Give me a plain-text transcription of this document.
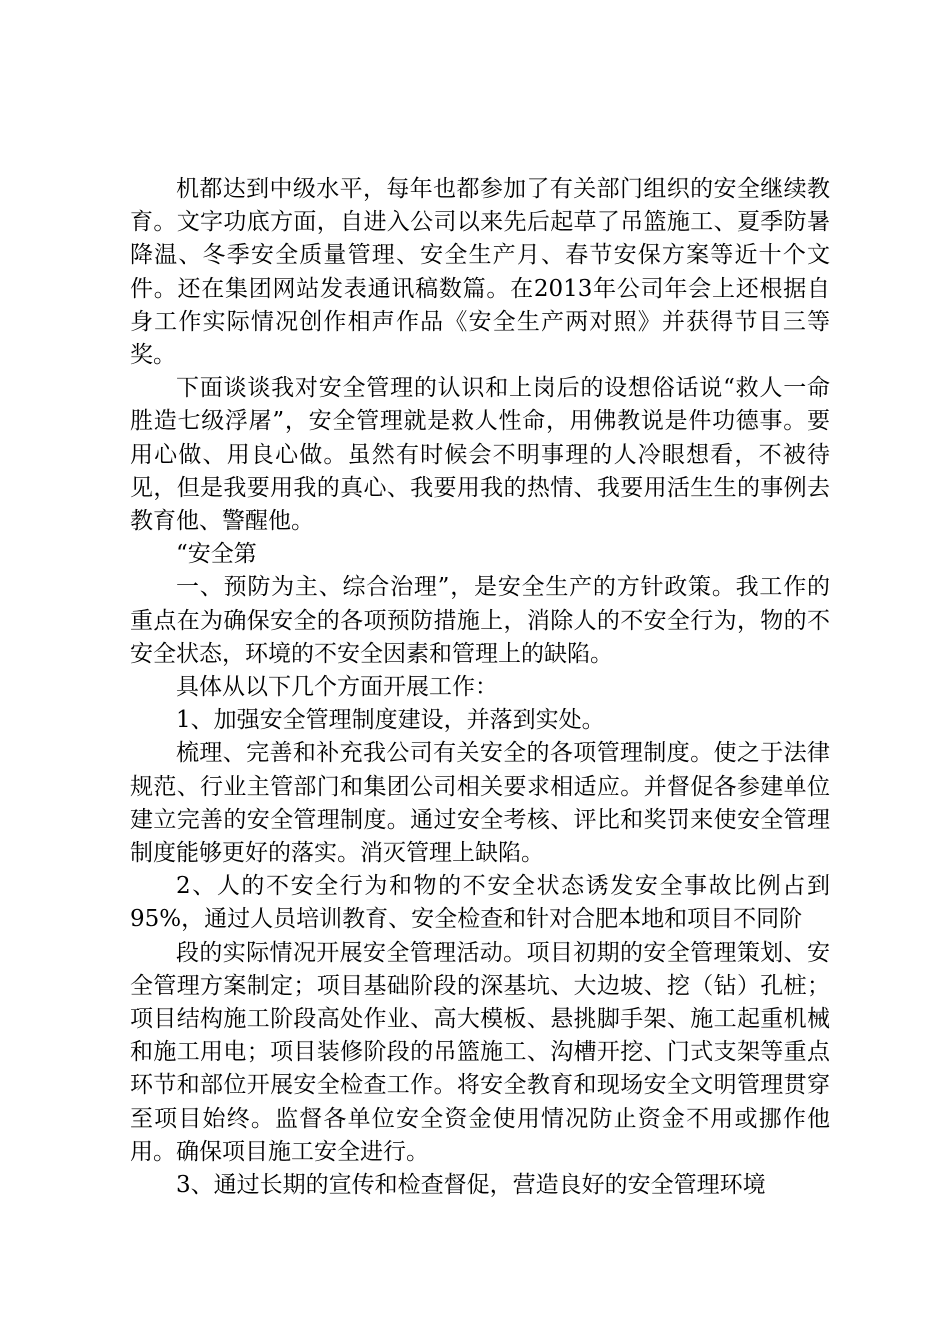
机都达到中级水平，每年也都参加了有关部门组织的安全继续教育。文字功底方面，自进入公司以来先后起草了吊篮施工、夏季防暑降温、冬季安全质量管理、安全生产月、春节安保方案等近十个文件。还在集团网站发表通讯稿数篇。在2013年公司年会上还根据自身工作实际情况创作相声作品《安全生产两对照》并获得节目三等奖。

下面谈谈我对安全管理的认识和上岗后的设想俗话说“救人一命胜造七级浮屠”，安全管理就是救人性命，用佛教说是件功德事。要用心做、用良心做。虽然有时候会不明事理的人冷眼想看，不被待见，但是我要用我的真心、我要用我的热情、我要用活生生的事例去教育他、警醒他。

“安全第

一、预防为主、综合治理”，是安全生产的方针政策。我工作的重点在为确保安全的各项预防措施上，消除人的不安全行为，物的不安全状态，环境的不安全因素和管理上的缺陷。

具体从以下几个方面开展工作：

1、加强安全管理制度建设，并落到实处。

梳理、完善和补充我公司有关安全的各项管理制度。使之于法律规范、行业主管部门和集团公司相关要求相适应。并督促各参建单位建立完善的安全管理制度。通过安全考核、评比和奖罚来使安全管理制度能够更好的落实。消灭管理上缺陷。

2、人的不安全行为和物的不安全状态诱发安全事故比例占到95%，通过人员培训教育、安全检查和针对合肥本地和项目不同阶

段的实际情况开展安全管理活动。项目初期的安全管理策划、安全管理方案制定；项目基础阶段的深基坑、大边坡、挖（钻）孔桩；项目结构施工阶段高处作业、高大模板、悬挑脚手架、施工起重机械和施工用电；项目装修阶段的吊篮施工、沟槽开挖、门式支架等重点环节和部位开展安全检查工作。将安全教育和现场安全文明管理贯穿至项目始终。监督各单位安全资金使用情况防止资金不用或挪作他用。确保项目施工安全进行。

3、通过长期的宣传和检查督促，营造良好的安全管理环境
